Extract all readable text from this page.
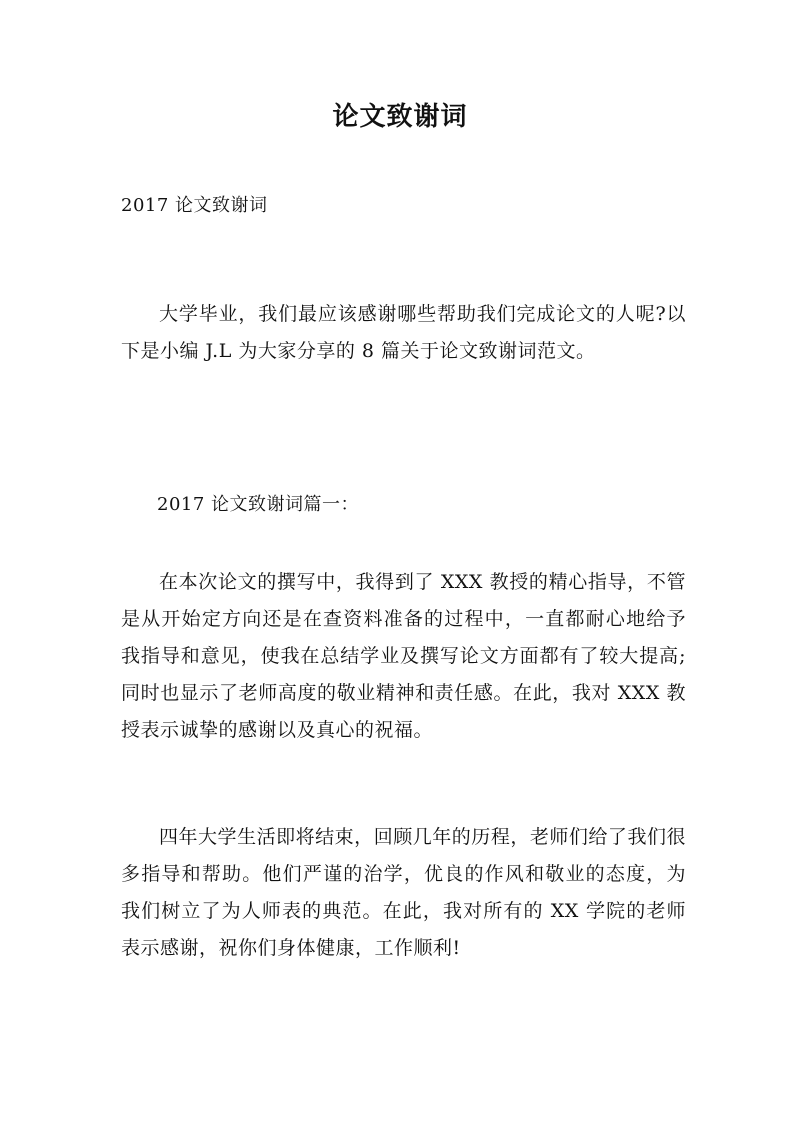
论文致谢词

2017 论文致谢词

大学毕业，我们最应该感谢哪些帮助我们完成论文的人呢?以下是小编 J.L 为大家分享的 8 篇关于论文致谢词范文。

2017 论文致谢词篇一：

在本次论文的撰写中，我得到了 XXX 教授的精心指导，不管是从开始定方向还是在查资料准备的过程中，一直都耐心地给予我指导和意见，使我在总结学业及撰写论文方面都有了较大提高;同时也显示了老师高度的敬业精神和责任感。在此，我对 XXX 教授表示诚挚的感谢以及真心的祝福。

四年大学生活即将结束，回顾几年的历程，老师们给了我们很多指导和帮助。他们严谨的治学，优良的作风和敬业的态度，为我们树立了为人师表的典范。在此，我对所有的 XX 学院的老师表示感谢，祝你们身体健康，工作顺利!
